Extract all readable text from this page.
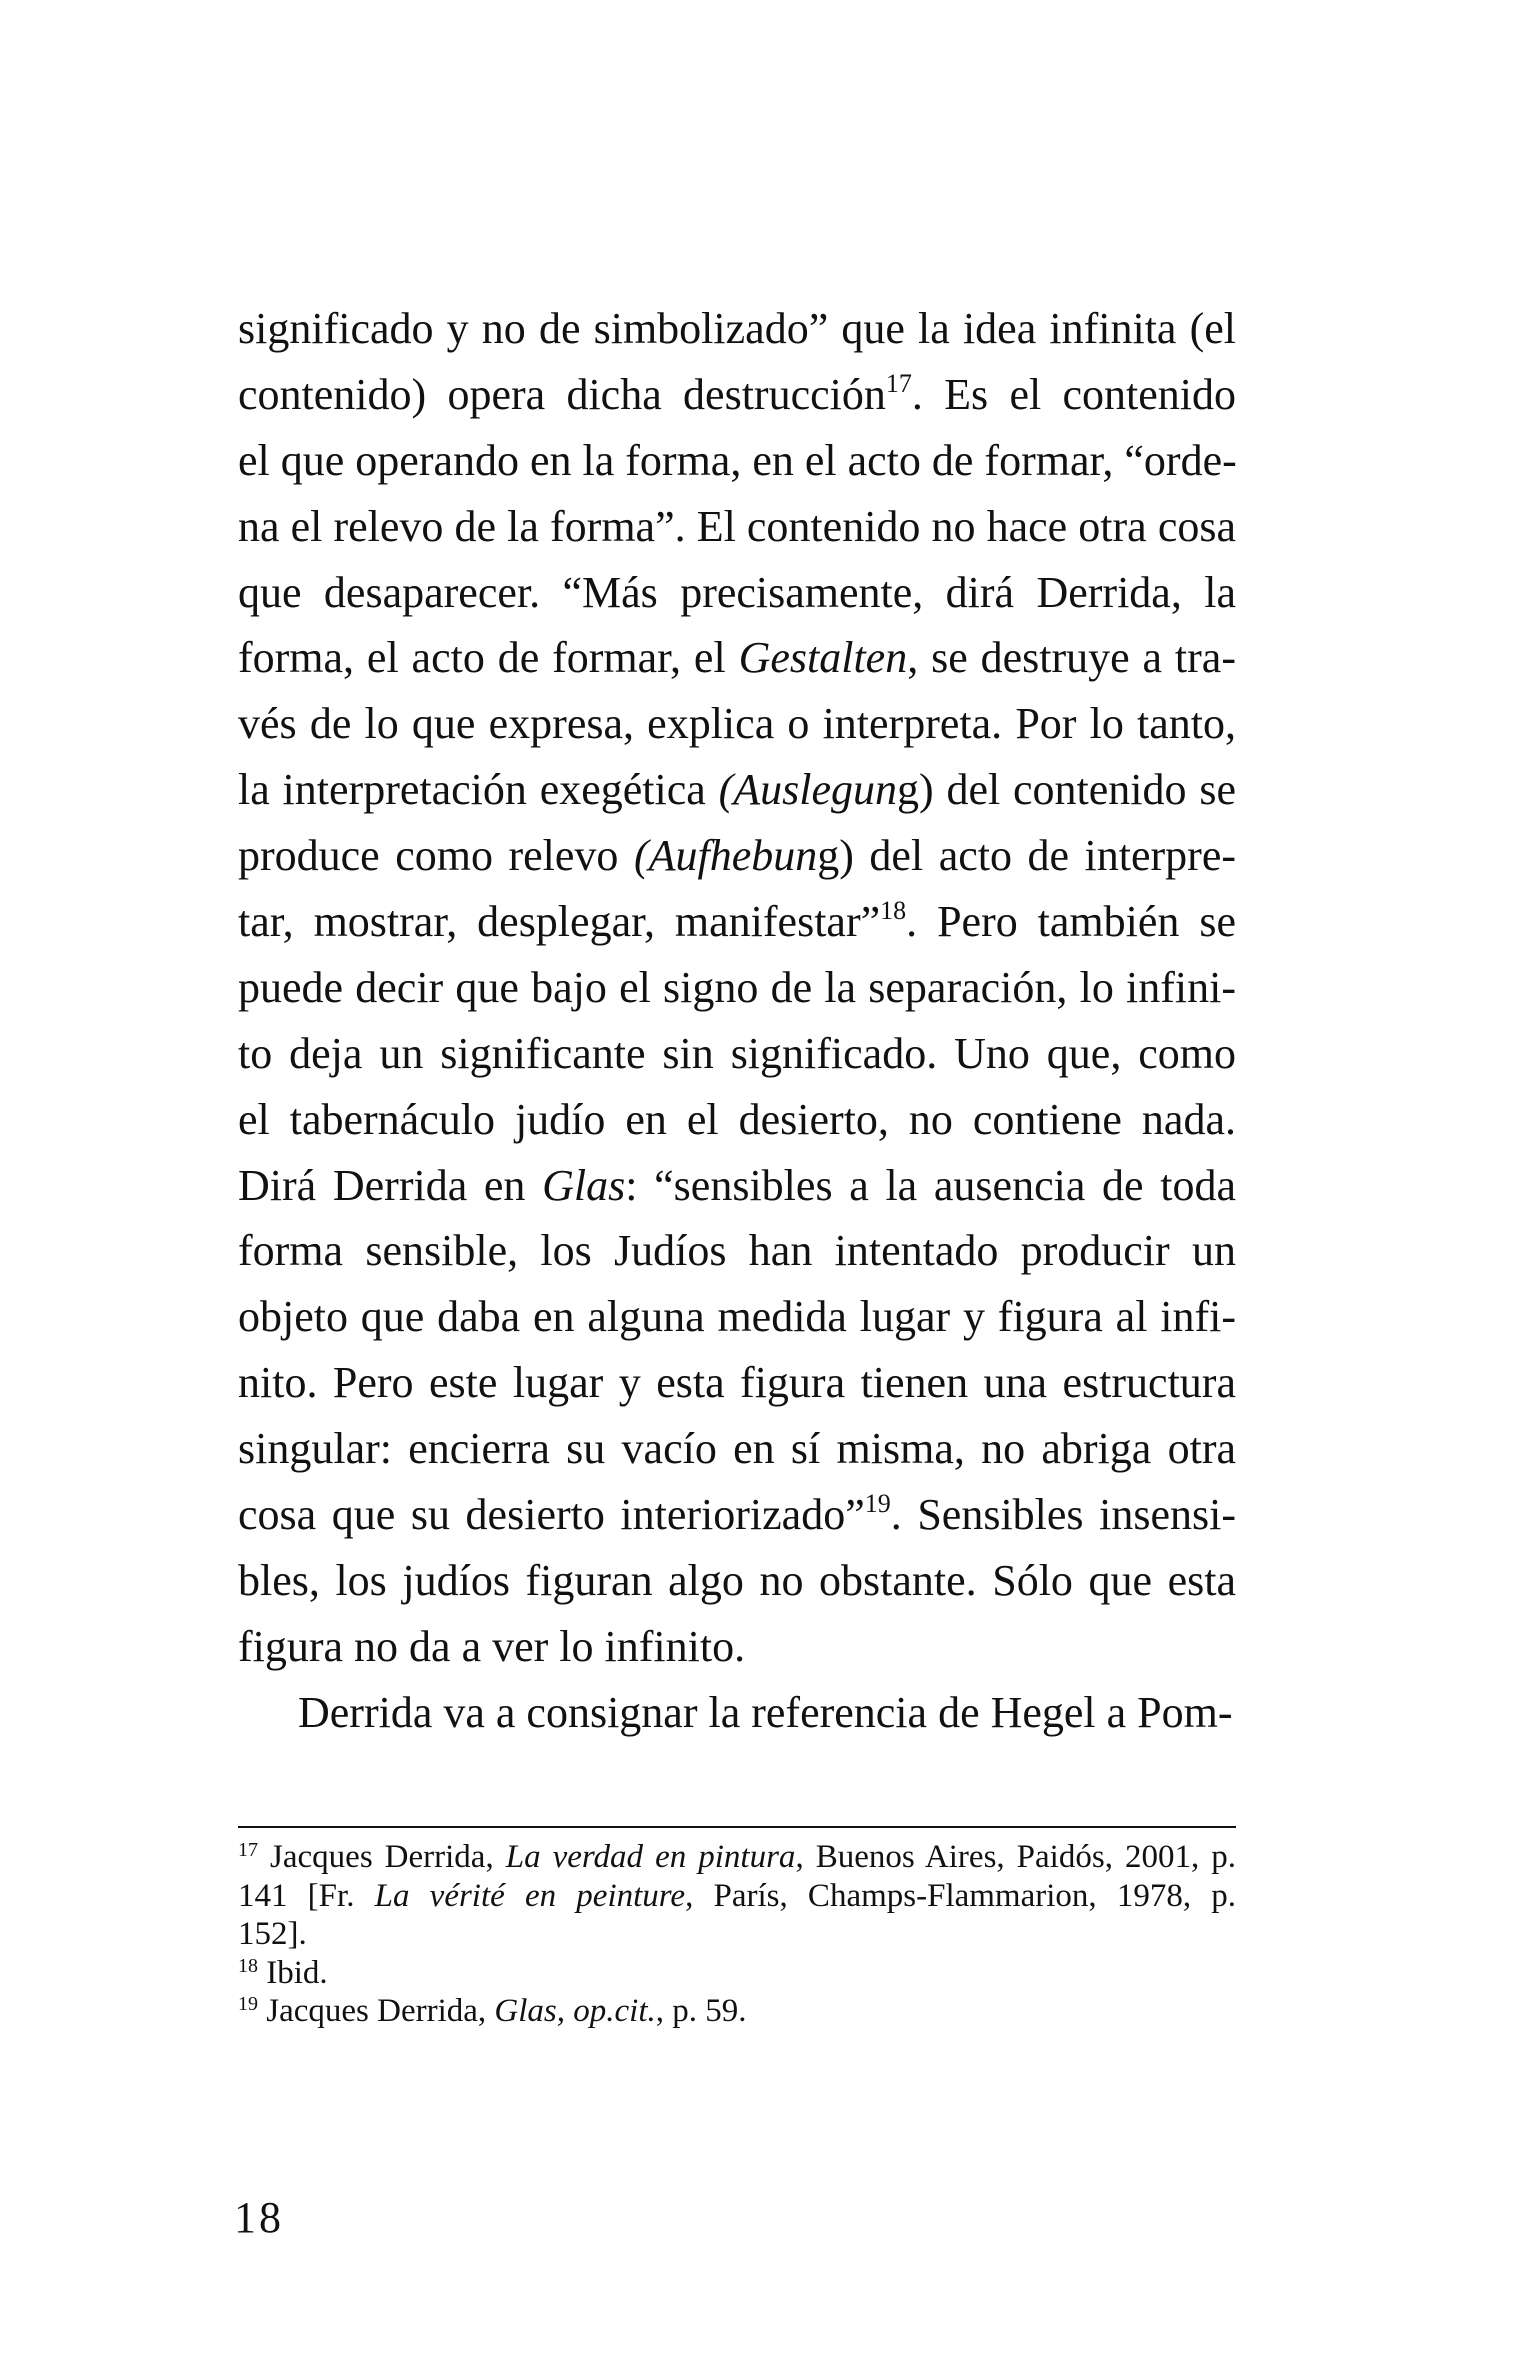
significado y no de simbolizado” que la idea infinita (el
contenido) opera dicha destrucción$^{17}$. Es el contenido
el que operando en la forma, en el acto de formar, “orde-
na el relevo de la forma”. El contenido no hace otra cosa
que desaparecer. “Más precisamente, dirá Derrida, la
forma, el acto de formar, el Gestalten, se destruye a tra-
vés de lo que expresa, explica o interpreta. Por lo tanto,
la interpretación exegética (Auslegung) del contenido se
produce como relevo (Aufhebung) del acto de interpre-
tar, mostrar, desplegar, manifestar”$^{18}$. Pero también se
puede decir que bajo el signo de la separación, lo infini-
to deja un significante sin significado. Uno que, como
el tabernáculo judío en el desierto, no contiene nada.
Dirá Derrida en Glas: “sensibles a la ausencia de toda
forma sensible, los Judíos han intentado producir un
objeto que daba en alguna medida lugar y figura al infi-
nito. Pero este lugar y esta figura tienen una estructura
singular: encierra su vacío en sí misma, no abriga otra
cosa que su desierto interiorizado”$^{19}$. Sensibles insensi-
bles, los judíos figuran algo no obstante. Sólo que esta
figura no da a ver lo infinito.
Derrida va a consignar la referencia de Hegel a Pom-
$^{17}$ Jacques Derrida, La verdad en pintura, Buenos Aires, Paidós, 2001, p.
141 [Fr. La vérité en peinture, París, Champs-Flammarion, 1978, p.
152].
$^{18}$ Ibid.
$^{19}$ Jacques Derrida, Glas, op.cit., p. 59.
18
